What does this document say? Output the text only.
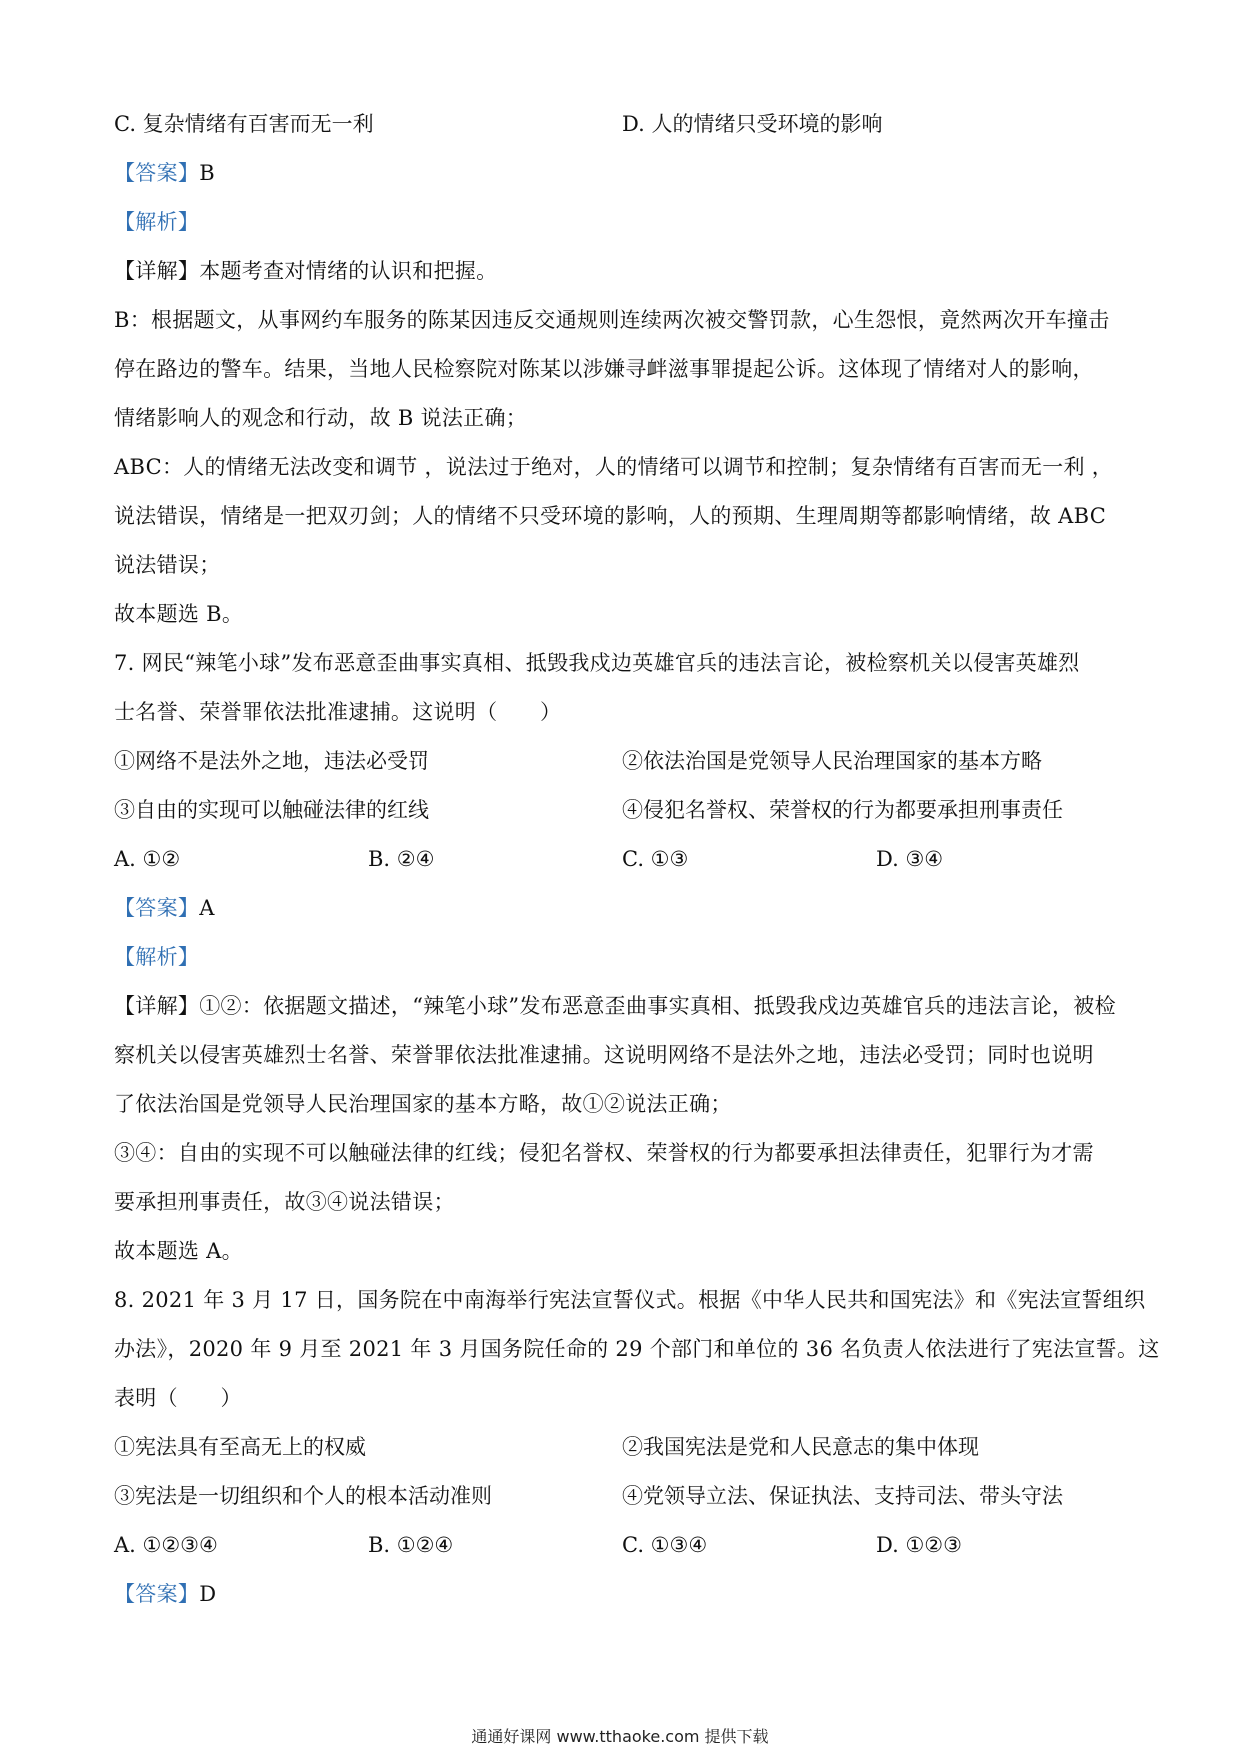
C. 复杂情绪有百害而无一利	D. 人的情绪只受环境的影响
【答案】B
【解析】
【详解】本题考查对情绪的认识和把握。
B：根据题文，从事网约车服务的陈某因违反交通规则连续两次被交警罚款，心生怨恨，竟然两次开车撞击
停在路边的警车。结果，当地人民检察院对陈某以涉嫌寻衅滋事罪提起公诉。这体现了情绪对人的影响，
情绪影响人的观念和行动，故 B 说法正确；
ABC：人的情绪无法改变和调节 ，说法过于绝对，人的情绪可以调节和控制；复杂情绪有百害而无一利 ，
说法错误，情绪是一把双刃剑；人的情绪不只受环境的影响，人的预期、生理周期等都影响情绪，故 ABC
说法错误；
故本题选 B。
7. 网民“辣笔小球”发布恶意歪曲事实真相、抵毁我戍边英雄官兵的违法言论，被检察机关以侵害英雄烈
士名誉、荣誉罪依法批准逮捕。这说明（　　）
①网络不是法外之地，违法必受罚	②依法治国是党领导人民治理国家的基本方略
③自由的实现可以触碰法律的红线	④侵犯名誉权、荣誉权的行为都要承担刑事责任
A. ①②	B. ②④	C. ①③	D. ③④
【答案】A
【解析】
【详解】①②：依据题文描述，“辣笔小球”发布恶意歪曲事实真相、抵毁我戍边英雄官兵的违法言论，被检
察机关以侵害英雄烈士名誉、荣誉罪依法批准逮捕。这说明网络不是法外之地，违法必受罚；同时也说明
了依法治国是党领导人民治理国家的基本方略，故①②说法正确；
③④：自由的实现不可以触碰法律的红线；侵犯名誉权、荣誉权的行为都要承担法律责任，犯罪行为才需
要承担刑事责任，故③④说法错误；
故本题选 A。
8. 2021 年 3 月 17 日，国务院在中南海举行宪法宣誓仪式。根据《中华人民共和国宪法》和《宪法宣誓组织
办法》，2020 年 9 月至 2021 年 3 月国务院任命的 29 个部门和单位的 36 名负责人依法进行了宪法宣誓。这
表明（　　）
①宪法具有至高无上的权威	②我国宪法是党和人民意志的集中体现
③宪法是一切组织和个人的根本活动准则	④党领导立法、保证执法、支持司法、带头守法
A. ①②③④	B. ①②④	C. ①③④	D. ①②③
【答案】D
通通好课网 www.tthaoke.com 提供下载
